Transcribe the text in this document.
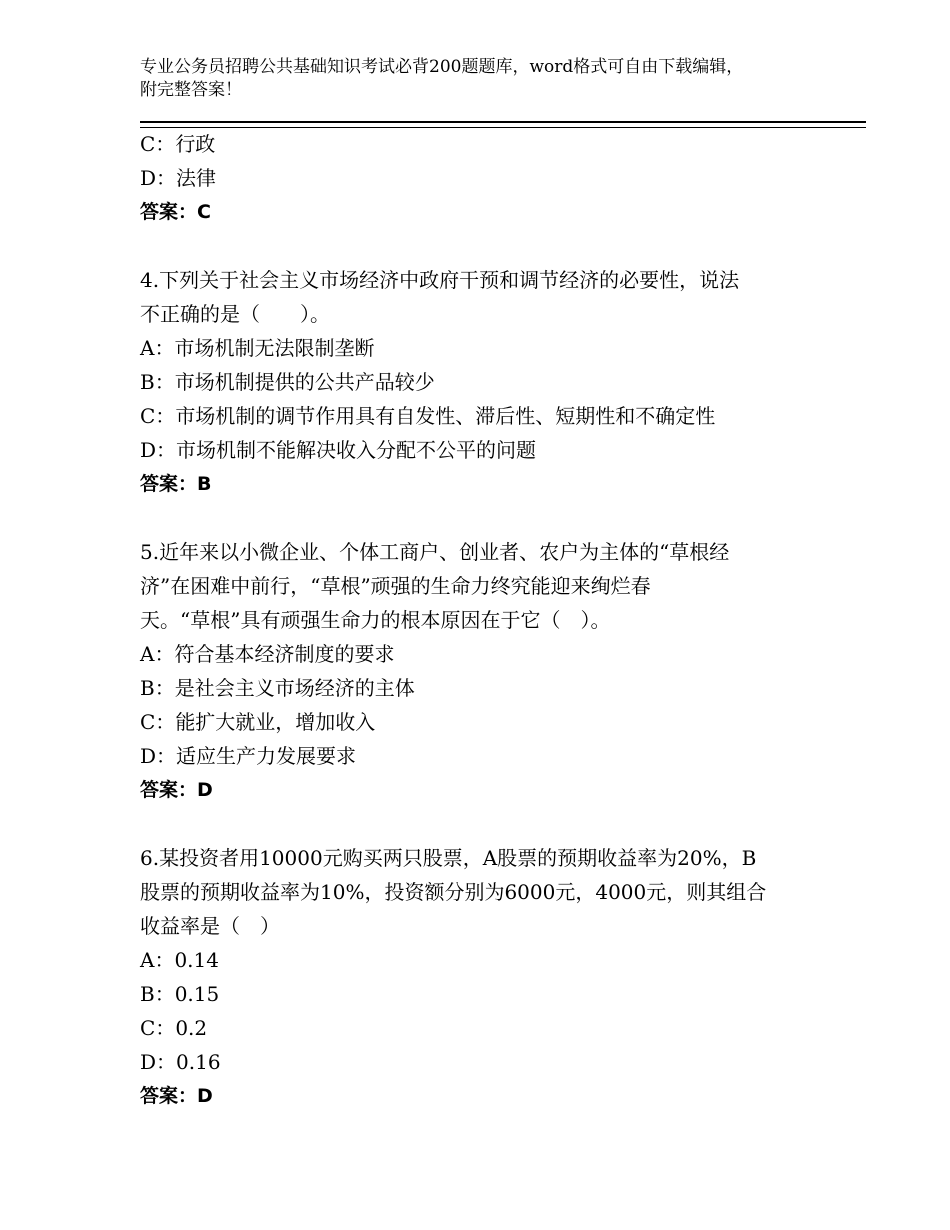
专业公务员招聘公共基础知识考试必背200题题库，word格式可自由下载编辑，
附完整答案！
C：行政
D：法律
答案：C
4.下列关于社会主义市场经济中政府干预和调节经济的必要性，说法
不正确的是（　　）。
A：市场机制无法限制垄断
B：市场机制提供的公共产品较少
C：市场机制的调节作用具有自发性、滞后性、短期性和不确定性
D：市场机制不能解决收入分配不公平的问题
答案：B
5.近年来以小微企业、个体工商户、创业者、农户为主体的“草根经
济”在困难中前行，“草根”顽强的生命力终究能迎来绚烂春
天。“草根”具有顽强生命力的根本原因在于它（　）。
A：符合基本经济制度的要求
B：是社会主义市场经济的主体
C：能扩大就业，增加收入
D：适应生产力发展要求
答案：D
6.某投资者用10000元购买两只股票，A股票的预期收益率为20%，B
股票的预期收益率为10%，投资额分别为6000元，4000元，则其组合
收益率是（　）
A：0.14
B：0.15
C：0.2
D：0.16
答案：D
